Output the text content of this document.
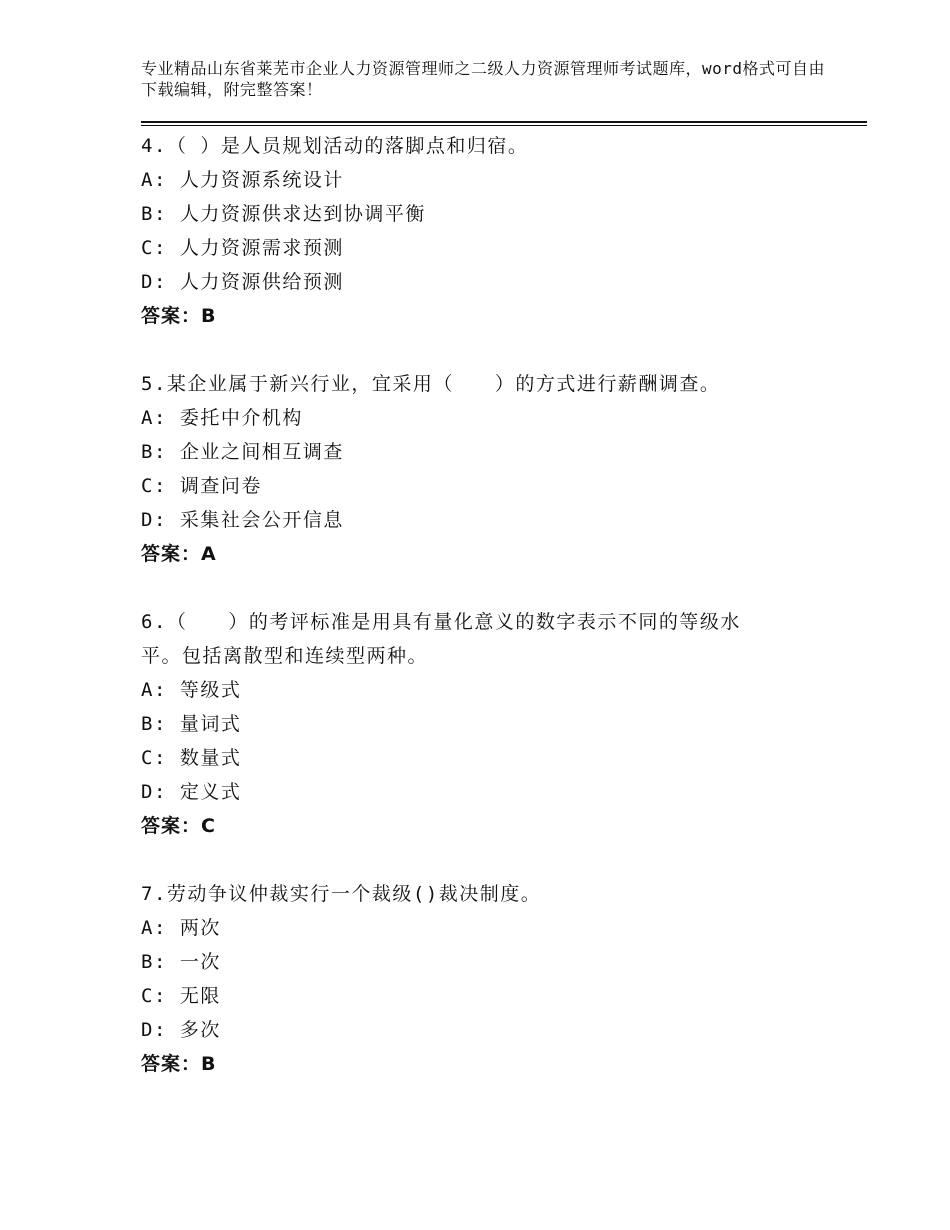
专业精品山东省莱芜市企业人力资源管理师之二级人力资源管理师考试题库，word格式可自由下载编辑，附完整答案！
4.（ ）是人员规划活动的落脚点和归宿。
A: 人力资源系统设计
B: 人力资源供求达到协调平衡
C: 人力资源需求预测
D: 人力资源供给预测
答案：B
5.某企业属于新兴行业，宜采用（　　）的方式进行薪酬调查。
A: 委托中介机构
B: 企业之间相互调查
C: 调查问卷
D: 采集社会公开信息
答案：A
6.（　　）的考评标准是用具有量化意义的数字表示不同的等级水平。包括离散型和连续型两种。
A: 等级式
B: 量词式
C: 数量式
D: 定义式
答案：C
7.劳动争议仲裁实行一个裁级()裁决制度。
A: 两次
B: 一次
C: 无限
D: 多次
答案：B
